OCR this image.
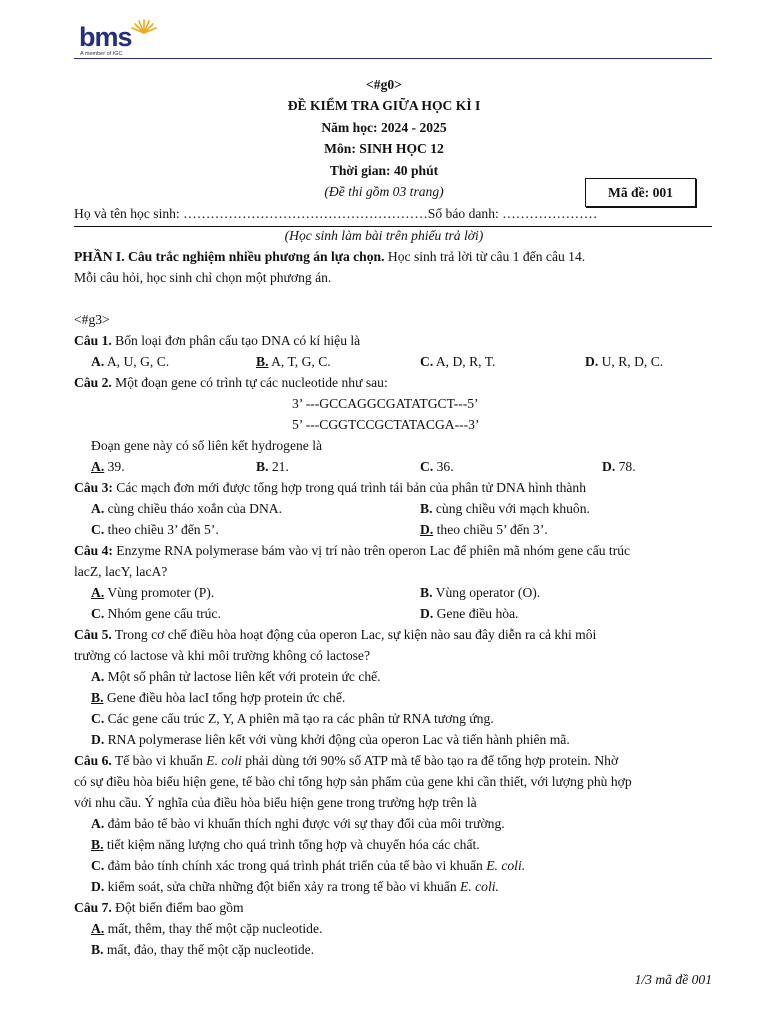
bms
A member of IGC
<#g0>
ĐỀ KIỂM TRA GIỮA HỌC KÌ I
Năm học: 2024 - 2025
Môn: SINH HỌC 12
Thời gian: 40 phút
(Đề thi gồm 03 trang)	Mã đề: 001
Họ và tên học sinh: ………………………………………………Số báo danh: …………………
(Học sinh làm bài trên phiếu trả lời)
PHẦN I. Câu trắc nghiệm nhiều phương án lựa chọn. Học sinh trả lời từ câu 1 đến câu 14.
Mỗi câu hỏi, học sinh chỉ chọn một phương án.
<#g3>
Câu 1. Bốn loại đơn phân cấu tạo DNA có kí hiệu là
A. A, U, G, C.	B. A, T, G, C.	C. A, D, R, T.	D. U, R, D, C.
Câu 2. Một đoạn gene có trình tự các nucleotide như sau:
3’ ---GCCAGGCGATATGCT---5’
5’ ---CGGTCCGCTATACGA---3’
Đoạn gene này có số liên kết hydrogene là
A. 39.	B. 21.	C. 36.	D. 78.
Câu 3: Các mạch đơn mới được tổng hợp trong quá trình tái bản của phân tử DNA hình thành
A. cùng chiều tháo xoắn của DNA.	B. cùng chiều với mạch khuôn.
C. theo chiều 3’ đến 5’.	D. theo chiều 5’ đến 3’.
Câu 4: Enzyme RNA polymerase bám vào vị trí nào trên operon Lac để phiên mã nhóm gene cấu trúc
lacZ, lacY, lacA?
A. Vùng promoter (P).	B. Vùng operator (O).
C. Nhóm gene cấu trúc.	D. Gene điều hòa.
Câu 5. Trong cơ chế điều hòa hoạt động của operon Lac, sự kiện nào sau đây diễn ra cả khi môi
trường có lactose và khi môi trường không có lactose?
A. Một số phân tử lactose liên kết với protein ức chế.
B. Gene điều hòa lacI tổng hợp protein ức chế.
C. Các gene cấu trúc Z, Y, A phiên mã tạo ra các phân tử RNA tương ứng.
D. RNA polymerase liên kết với vùng khởi động của operon Lac và tiến hành phiên mã.
Câu 6. Tế bào vi khuẩn E. coli phải dùng tới 90% số ATP mà tế bào tạo ra để tổng hợp protein. Nhờ
có sự điều hòa biểu hiện gene, tế bào chỉ tổng hợp sản phẩm của gene khi cần thiết, với lượng phù hợp
với nhu cầu. Ý nghĩa của điều hòa biểu hiện gene trong trường hợp trên là
A. đảm bảo tế bào vi khuẩn thích nghi được với sự thay đổi của môi trường.
B. tiết kiệm năng lượng cho quá trình tổng hợp và chuyển hóa các chất.
C. đảm bảo tính chính xác trong quá trình phát triển của tế bào vi khuẩn E. coli.
D. kiểm soát, sửa chữa những đột biến xảy ra trong tế bào vi khuẩn E. coli.
Câu 7. Đột biến điểm bao gồm
A. mất, thêm, thay thế một cặp nucleotide.
B. mất, đảo, thay thế một cặp nucleotide.
1/3 mã đề 001
